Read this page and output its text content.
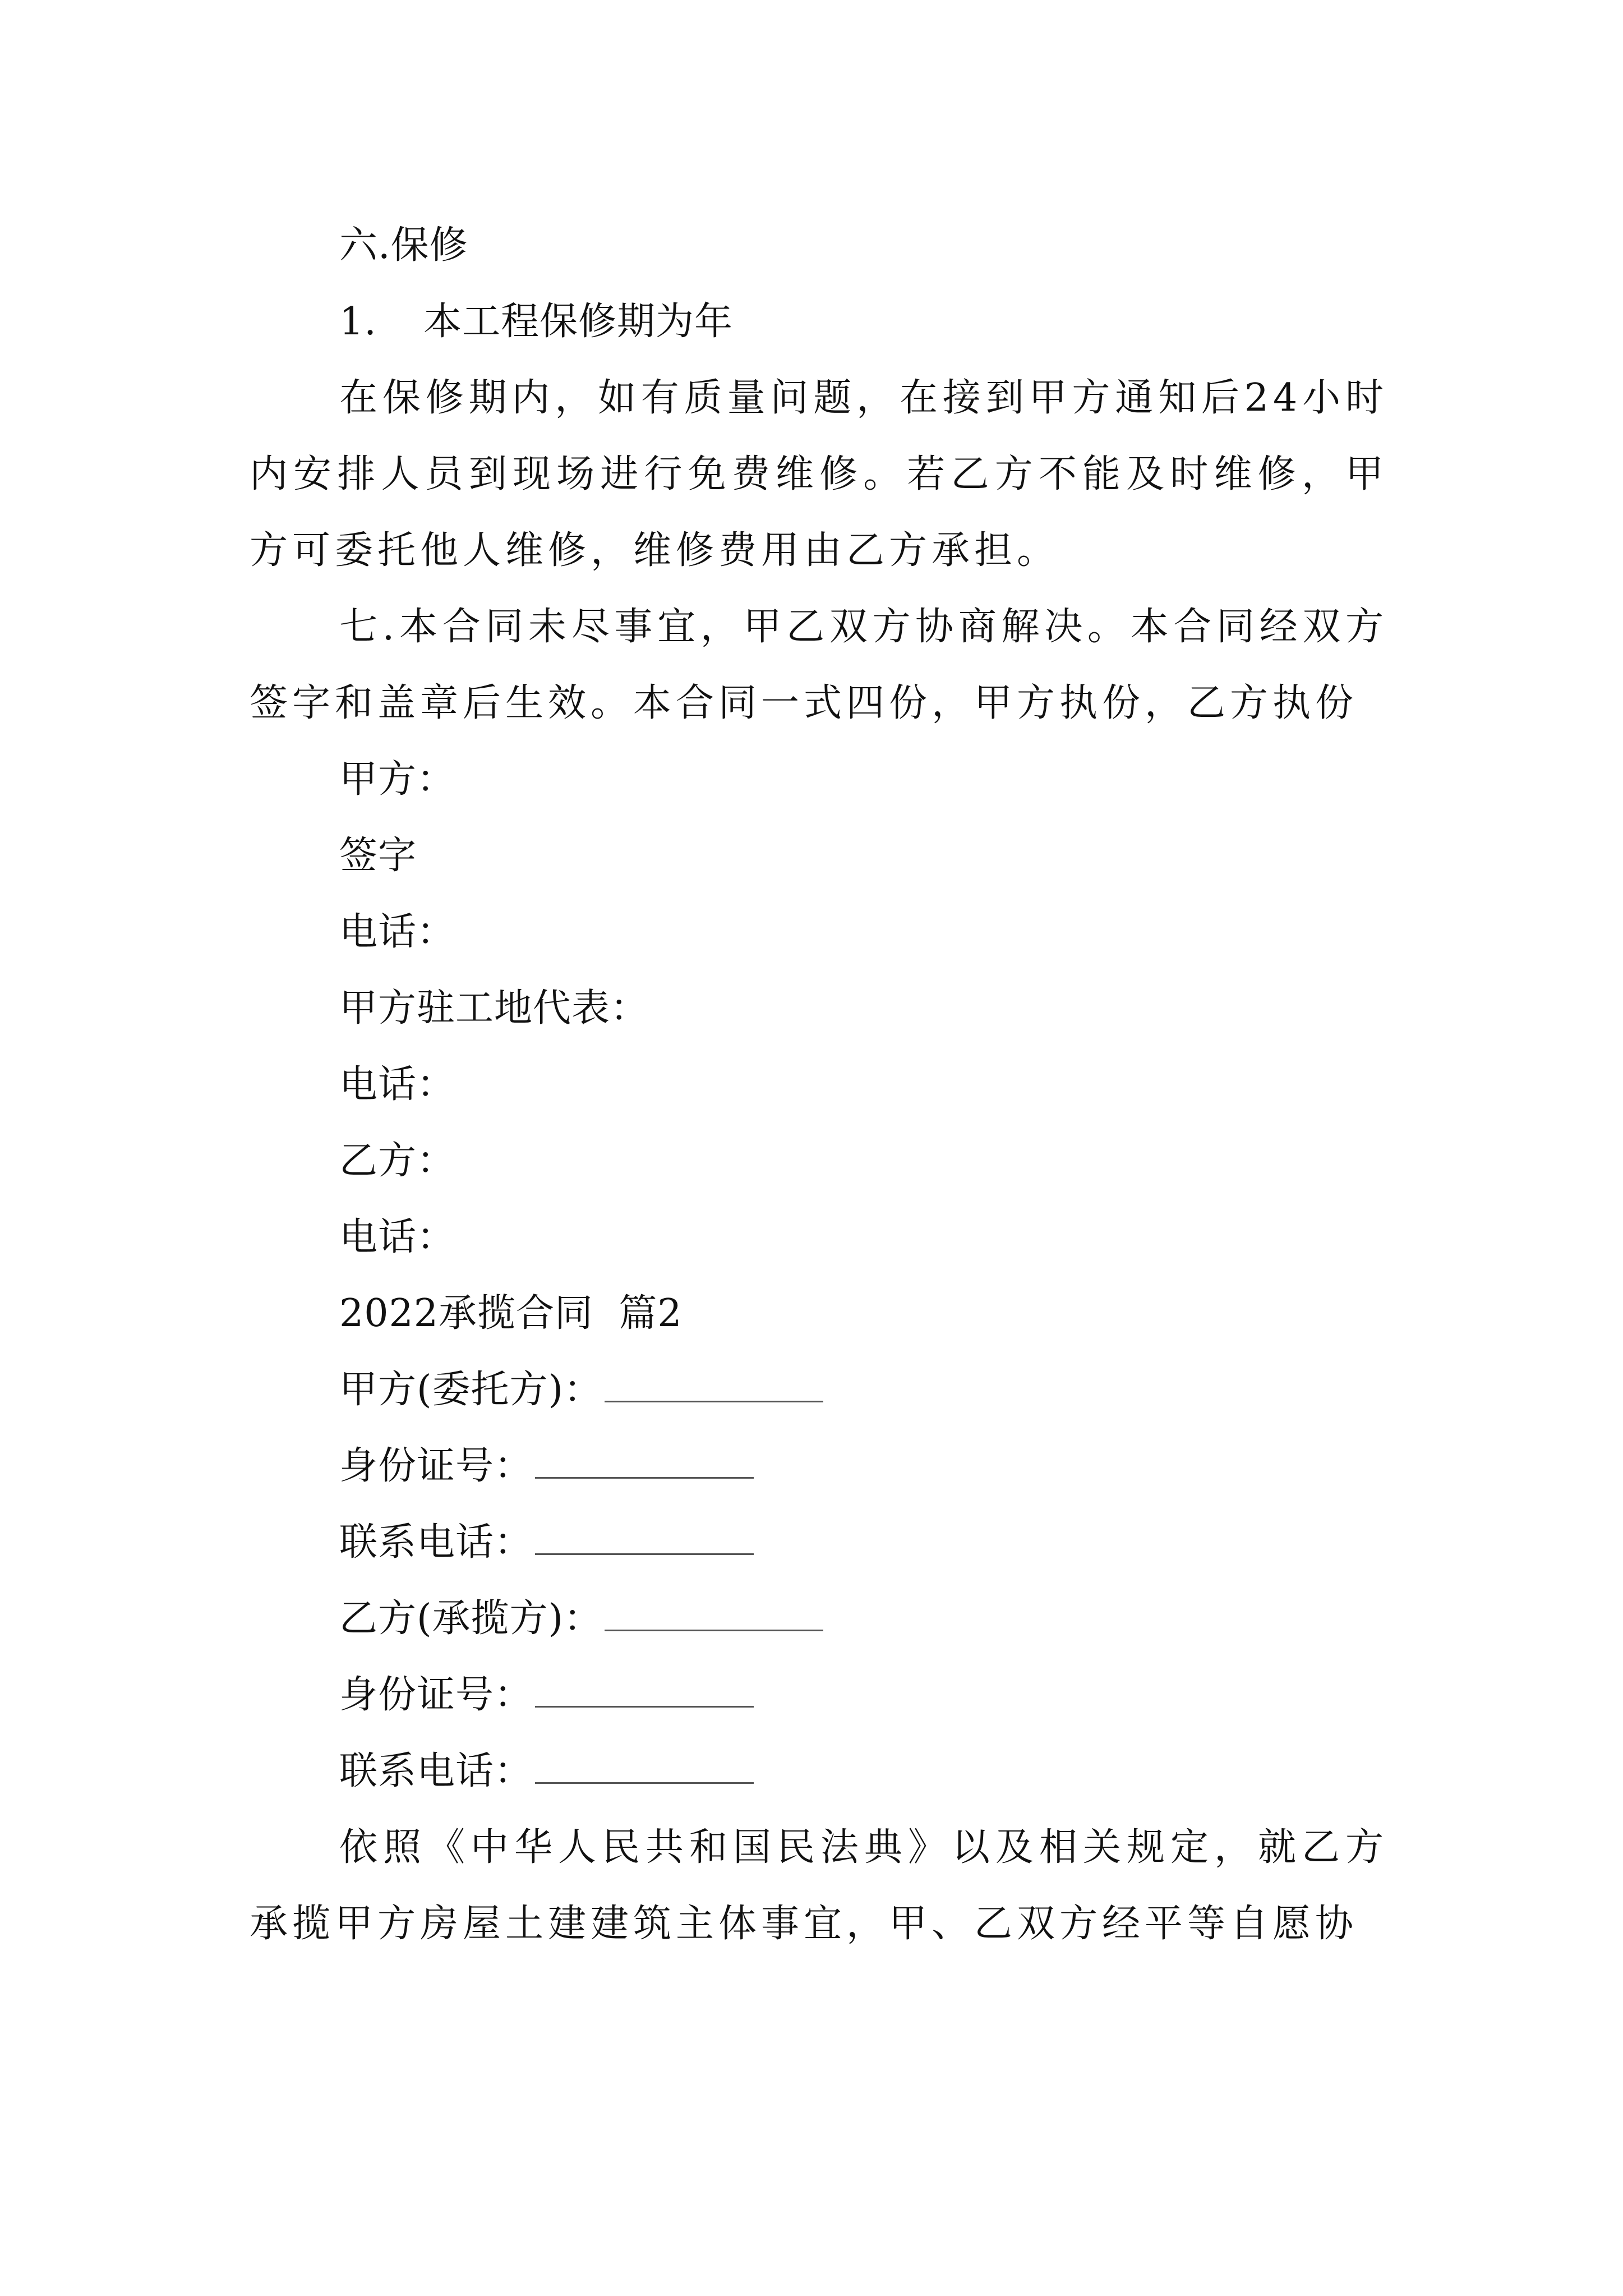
六.保修
1. 本工程保修期为年
在保修期内，如有质量问题，在接到甲方通知后24小时内安排人员到现场进行免费维修。若乙方不能及时维修，甲方可委托他人维修，维修费用由乙方承担。
七.本合同未尽事宜，甲乙双方协商解决。本合同经双方签字和盖章后生效。本合同一式四份，甲方执份，乙方执份
甲方：
签字
电话：
甲方驻工地代表：
电话：
乙方：
电话：
2022承揽合同  篇2
甲方(委托方)：
身份证号：
联系电话：
乙方(承揽方)：
身份证号：
联系电话：
依照《中华人民共和国民法典》以及相关规定，就乙方承揽甲方房屋土建建筑主体事宜，甲、乙双方经平等自愿协
